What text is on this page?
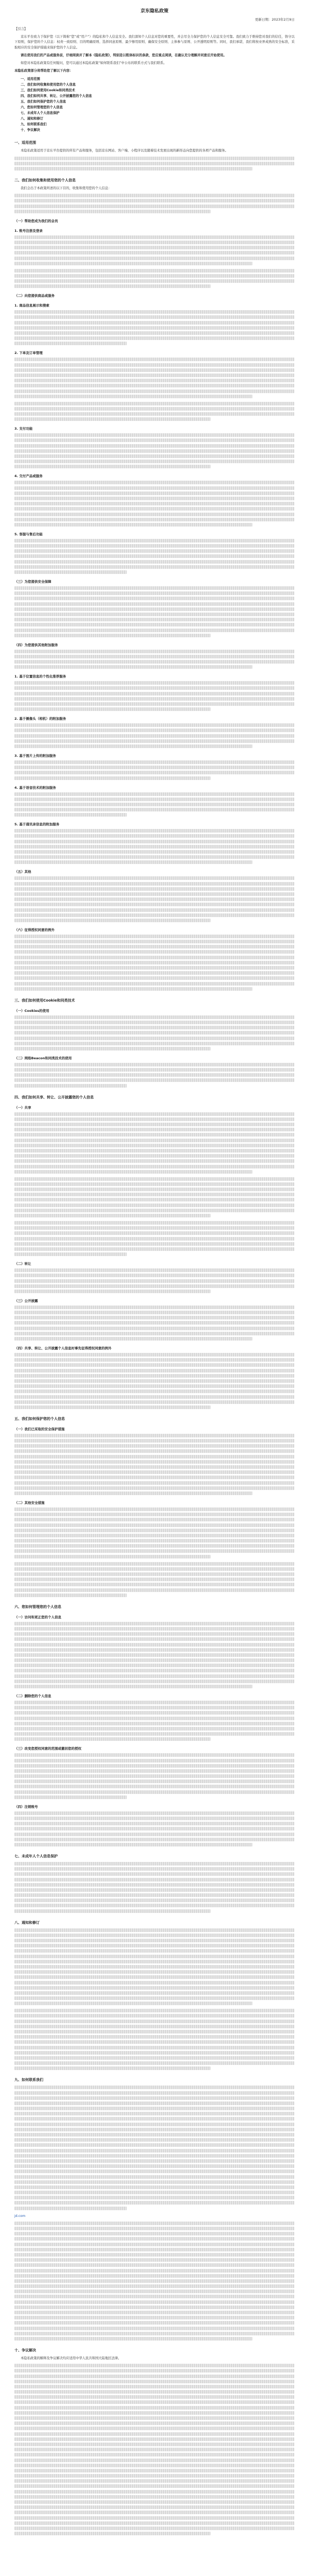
京东隐私政策
更新日期：2023年2月9日

【引言】

京东平台致力于保护您（以下简称“您”或“用户”）的隐私和个人信息安全。我们深知个人信息对您的重要性，并会尽全力保护您的个人信息安全可靠。我们致力于维持您对我们的信任，恪守以下原则，保护您的个人信息：权责一致原则、目的明确原则、选择同意原则、最少够用原则、确保安全原则、主体参与原则、公开透明原则等。同时，我们承诺，我们将按业界成熟的安全标准，采取相应的安全保护措施来保护您的个人信息。

请在使用我们的产品或服务前，仔细阅读并了解本《隐私政策》，特别是以粗体标识的条款，您应重点阅读，在确认充分理解并同意后开始使用。

如您对本隐私政策有任何疑问，您可以通过本隐私政策“如何联系我们”中公布的联系方式与我们联系。

本隐私政策部分将帮助您了解以下内容：

一、适用范围
二、我们如何收集和使用您的个人信息
三、我们如何使用Cookie和同类技术
四、我们如何共享、转让、公开披露您的个人信息
五、我们如何保护您的个人信息
六、您如何管理您的个人信息
七、未成年人个人信息保护
八、通知和修订
九、如何联系我们
十、争议解决
一、适用范围

本隐私政策适用于京东平台提供的所有产品和服务，包括京东网站、客户端、小程序以及随着技术发展出现的新形态向您提供的各项产品和服务。

二、我们如何收集和使用您的个人信息

我们会出于本政策所述的以下目的，收集和使用您的个人信息：

（一）帮助您成为我们的会员
1. 账号注册及登录
（二）向您提供商品或服务
1. 商品信息展示和搜索
2. 下单及订单管理
3. 支付功能
4. 交付产品或服务
5. 客服与售后功能
（三）为您提供安全保障
（四）为您提供其他附加服务
1. 基于位置信息的个性化推荐服务
2. 基于摄像头（相机）的附加服务
3. 基于图片上传的附加服务
4. 基于语音技术的附加服务
5. 基于通讯录信息的附加服务
（五）其他
（六）征得授权同意的例外
三、我们如何使用Cookie和同类技术
（一）Cookies的使用
（二）网络Beacon和同类技术的使用
四、我们如何共享、转让、公开披露您的个人信息
（一）共享
（二）转让
（三）公开披露
（四）共享、转让、公开披露个人信息时事先征得授权同意的例外
五、我们如何保护您的个人信息
（一）我们已采取的安全保护措施
（二）其他安全措施
六、您如何管理您的个人信息
（一）访问和更正您的个人信息
（二）删除您的个人信息
（三）改变您授权同意的范围或撤回您的授权
（四）注销账号
七、未成年人个人信息保护
八、通知和修订
九、如何联系我们

jd.com

十、争议解决

本隐私政策的解释及争议解决均应适用中华人民共和国大陆地区法律。
